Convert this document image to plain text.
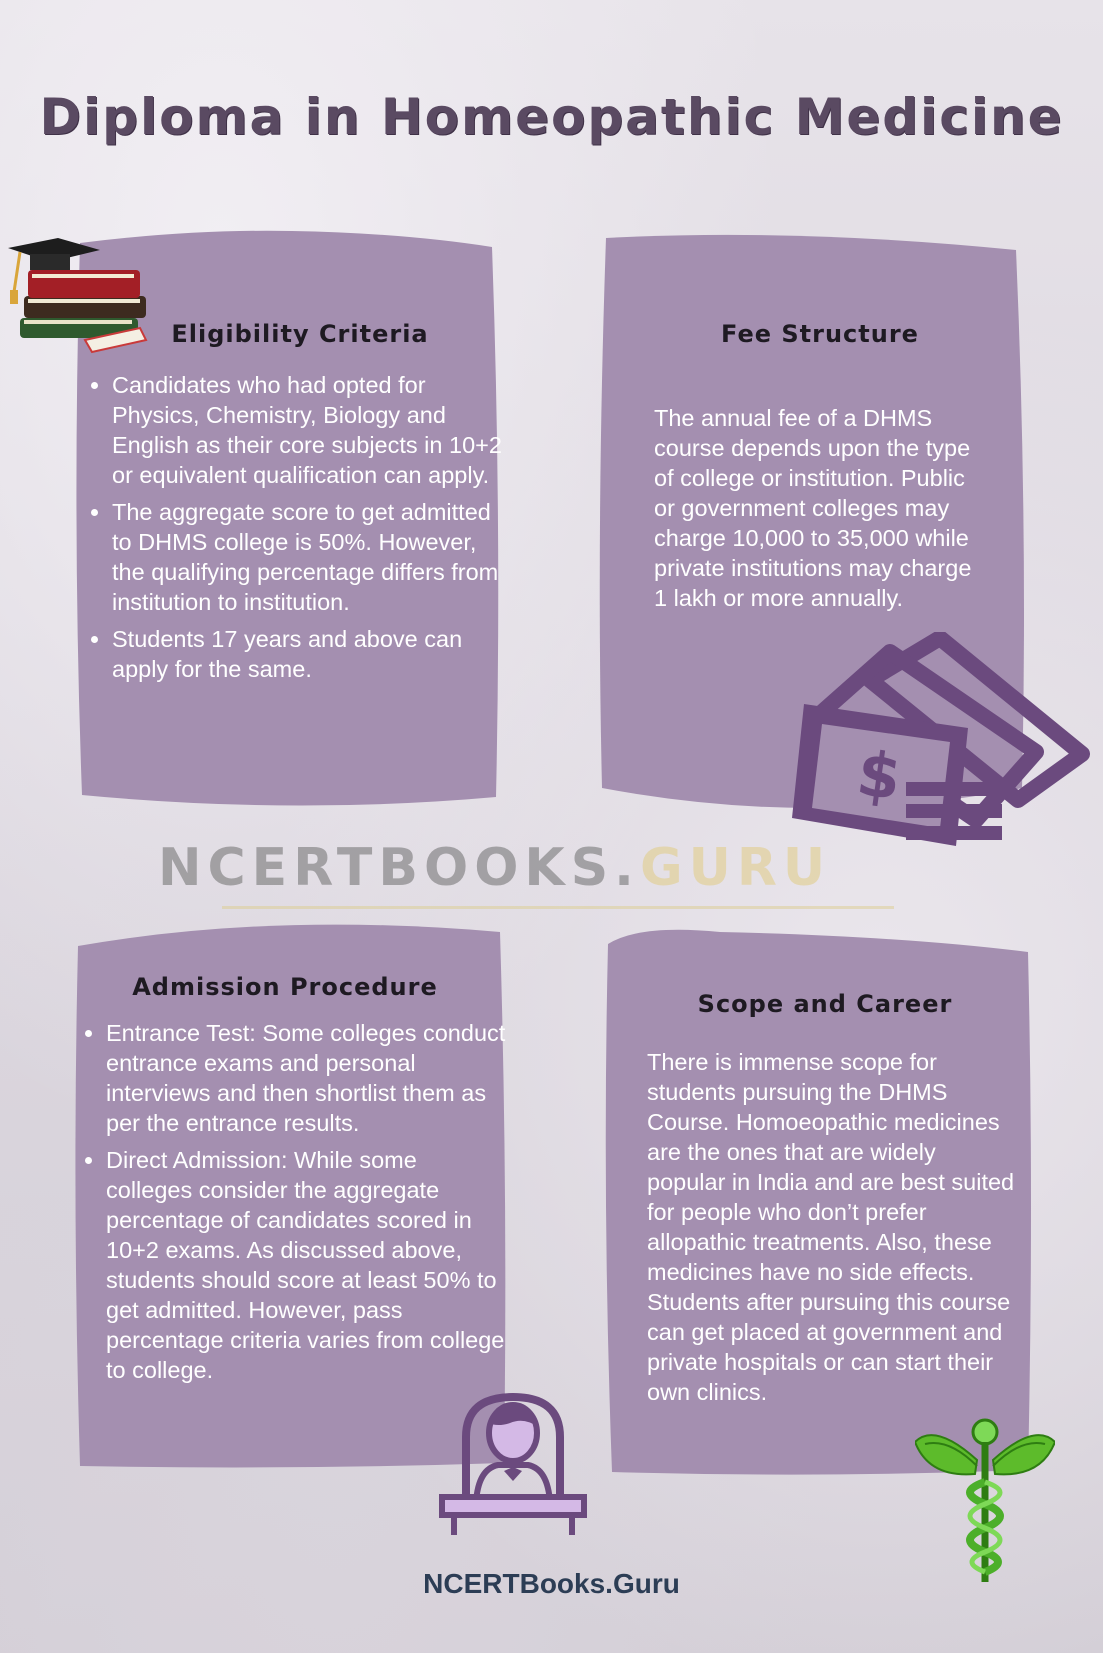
Diploma in Homeopathic Medicine
Eligibility Criteria
• Candidates who had opted for Physics, Chemistry, Biology and English as their core subjects in 10+2 or equivalent qualification can apply.
• The aggregate score to get admitted to DHMS college is 50%. However, the qualifying percentage differs from institution to institution.
• Students 17 years and above can apply for the same.
Fee Structure

The annual fee of a DHMS course depends upon the type of college or institution. Public or government colleges may charge 10,000 to 35,000 while private institutions may charge 1 lakh or more annually.

$
NCERTBOOKS.GURU
Admission Procedure
• Entrance Test: Some colleges conduct entrance exams and personal interviews and then shortlist them as per the entrance results.
• Direct Admission: While some colleges consider the aggregate percentage of candidates scored in 10+2 exams. As discussed above, students should score at least 50% to get admitted. However, pass percentage criteria varies from college to college.
Scope and Career

There is immense scope for students pursuing the DHMS Course. Homoeopathic medicines are the ones that are widely popular in India and are best suited for people who don’t prefer allopathic treatments. Also, these medicines have no side effects. Students after pursuing this course can get placed at government and private hospitals or can start their own clinics.

NCERTBooks.Guru
